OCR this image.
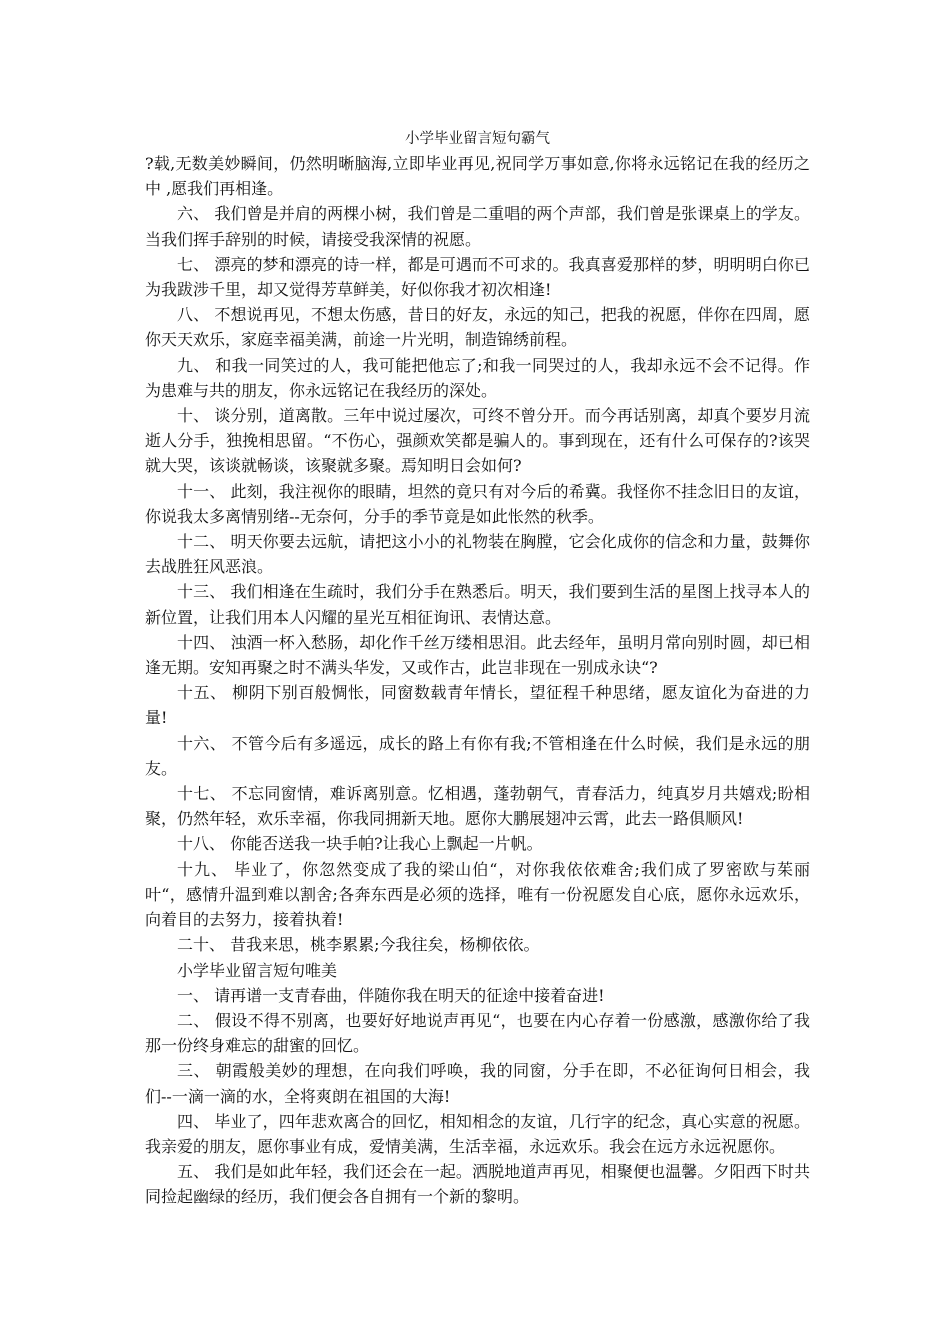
小学毕业留言短句霸气

?载,无数美妙瞬间，仍然明晰脑海,立即毕业再见,祝同学万事如意,你将永远铭记在我的经历之中 ,愿我们再相逢。

六、 我们曾是并肩的两棵小树，我们曾是二重唱的两个声部，我们曾是张课桌上的学友。当我们挥手辞别的时候，请接受我深情的祝愿。

七、 漂亮的梦和漂亮的诗一样，都是可遇而不可求的。我真喜爱那样的梦，明明明白你已为我跋涉千里，却又觉得芳草鲜美，好似你我才初次相逢!

八、 不想说再见，不想太伤感，昔日的好友，永远的知己，把我的祝愿，伴你在四周，愿你天天欢乐，家庭幸福美满，前途一片光明，制造锦绣前程。

九、 和我一同笑过的人，我可能把他忘了;和我一同哭过的人，我却永远不会不记得。作为患难与共的朋友，你永远铭记在我经历的深处。

十、 谈分别，道离散。三年中说过屡次，可终不曾分开。而今再话别离，却真个要岁月流逝人分手，独挽相思留。“不伤心，强颜欢笑都是骗人的。事到现在，还有什么可保存的?该哭就大哭，该谈就畅谈，该聚就多聚。焉知明日会如何?

十一、 此刻，我注视你的眼睛，坦然的竟只有对今后的希冀。我怪你不挂念旧日的友谊，你说我太多离情别绪--无奈何，分手的季节竟是如此怅然的秋季。

十二、 明天你要去远航，请把这小小的礼物装在胸膛，它会化成你的信念和力量，鼓舞你去战胜狂风恶浪。

十三、 我们相逢在生疏时，我们分手在熟悉后。明天，我们要到生活的星图上找寻本人的新位置，让我们用本人闪耀的星光互相征询讯、表情达意。

十四、 浊酒一杯入愁肠，却化作千丝万缕相思泪。此去经年，虽明月常向别时圆，却已相逢无期。安知再聚之时不满头华发，又或作古，此岂非现在一别成永诀“?

十五、 柳阴下别百般惆怅，同窗数载青年情长，望征程千种思绪，愿友谊化为奋进的力量!

十六、 不管今后有多遥远，成长的路上有你有我;不管相逢在什么时候，我们是永远的朋友。

十七、 不忘同窗情，难诉离别意。忆相遇，蓬勃朝气，青春活力，纯真岁月共嬉戏;盼相聚，仍然年轻，欢乐幸福，你我同拥新天地。愿你大鹏展翅冲云霄，此去一路俱顺风!

十八、 你能否送我一块手帕?让我心上飘起一片帆。

十九、 毕业了，你忽然变成了我的梁山伯“，对你我依依难舍;我们成了罗密欧与茱丽叶“，感情升温到难以割舍;各奔东西是必须的选择，唯有一份祝愿发自心底，愿你永远欢乐，向着目的去努力，接着执着!

二十、 昔我来思，桃李累累;今我往矣，杨柳依依。

小学毕业留言短句唯美

一、 请再谱一支青春曲，伴随你我在明天的征途中接着奋进!

二、 假设不得不别离，也要好好地说声再见“，也要在内心存着一份感激，感激你给了我那一份终身难忘的甜蜜的回忆。

三、 朝霞般美妙的理想，在向我们呼唤，我的同窗，分手在即，不必征询何日相会，我们--一滴一滴的水，全将爽朗在祖国的大海!

四、 毕业了，四年悲欢离合的回忆，相知相念的友谊，几行字的纪念，真心实意的祝愿。我亲爱的朋友，愿你事业有成，爱情美满，生活幸福，永远欢乐。我会在远方永远祝愿你。

五、 我们是如此年轻，我们还会在一起。洒脱地道声再见，相聚便也温馨。夕阳西下时共同捡起幽绿的经历，我们便会各自拥有一个新的黎明。
